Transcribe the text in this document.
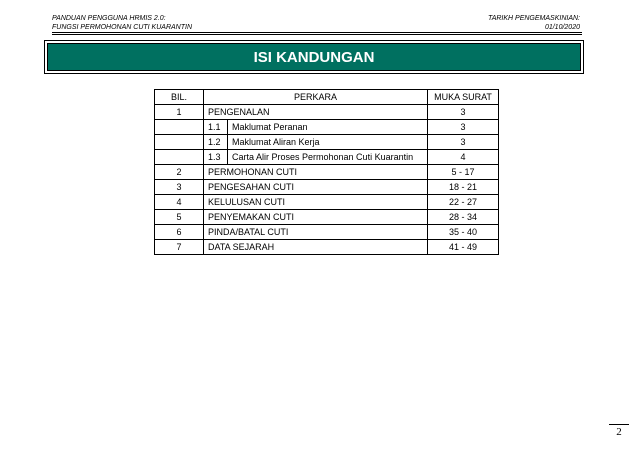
PANDUAN PENGGUNA HRMIS 2.0:
FUNGSI PERMOHONAN CUTI KUARANTIN
TARIKH PENGEMASKINIAN:
01/10/2020
ISI KANDUNGAN
BIL.	PERKARA		MUKA SURAT
1	PENGENALAN		3
	1.1	Maklumat Peranan	3
	1.2	Maklumat Aliran Kerja	3
	1.3	Carta Alir Proses Permohonan Cuti Kuarantin	4
2	PERMOHONAN CUTI		5 - 17
3	PENGESAHAN CUTI		18 - 21
4	KELULUSAN CUTI		22 - 27
5	PENYEMAKAN CUTI		28 - 34
6	PINDA/BATAL CUTI		35 - 40
7	DATA SEJARAH		41 - 49
2
